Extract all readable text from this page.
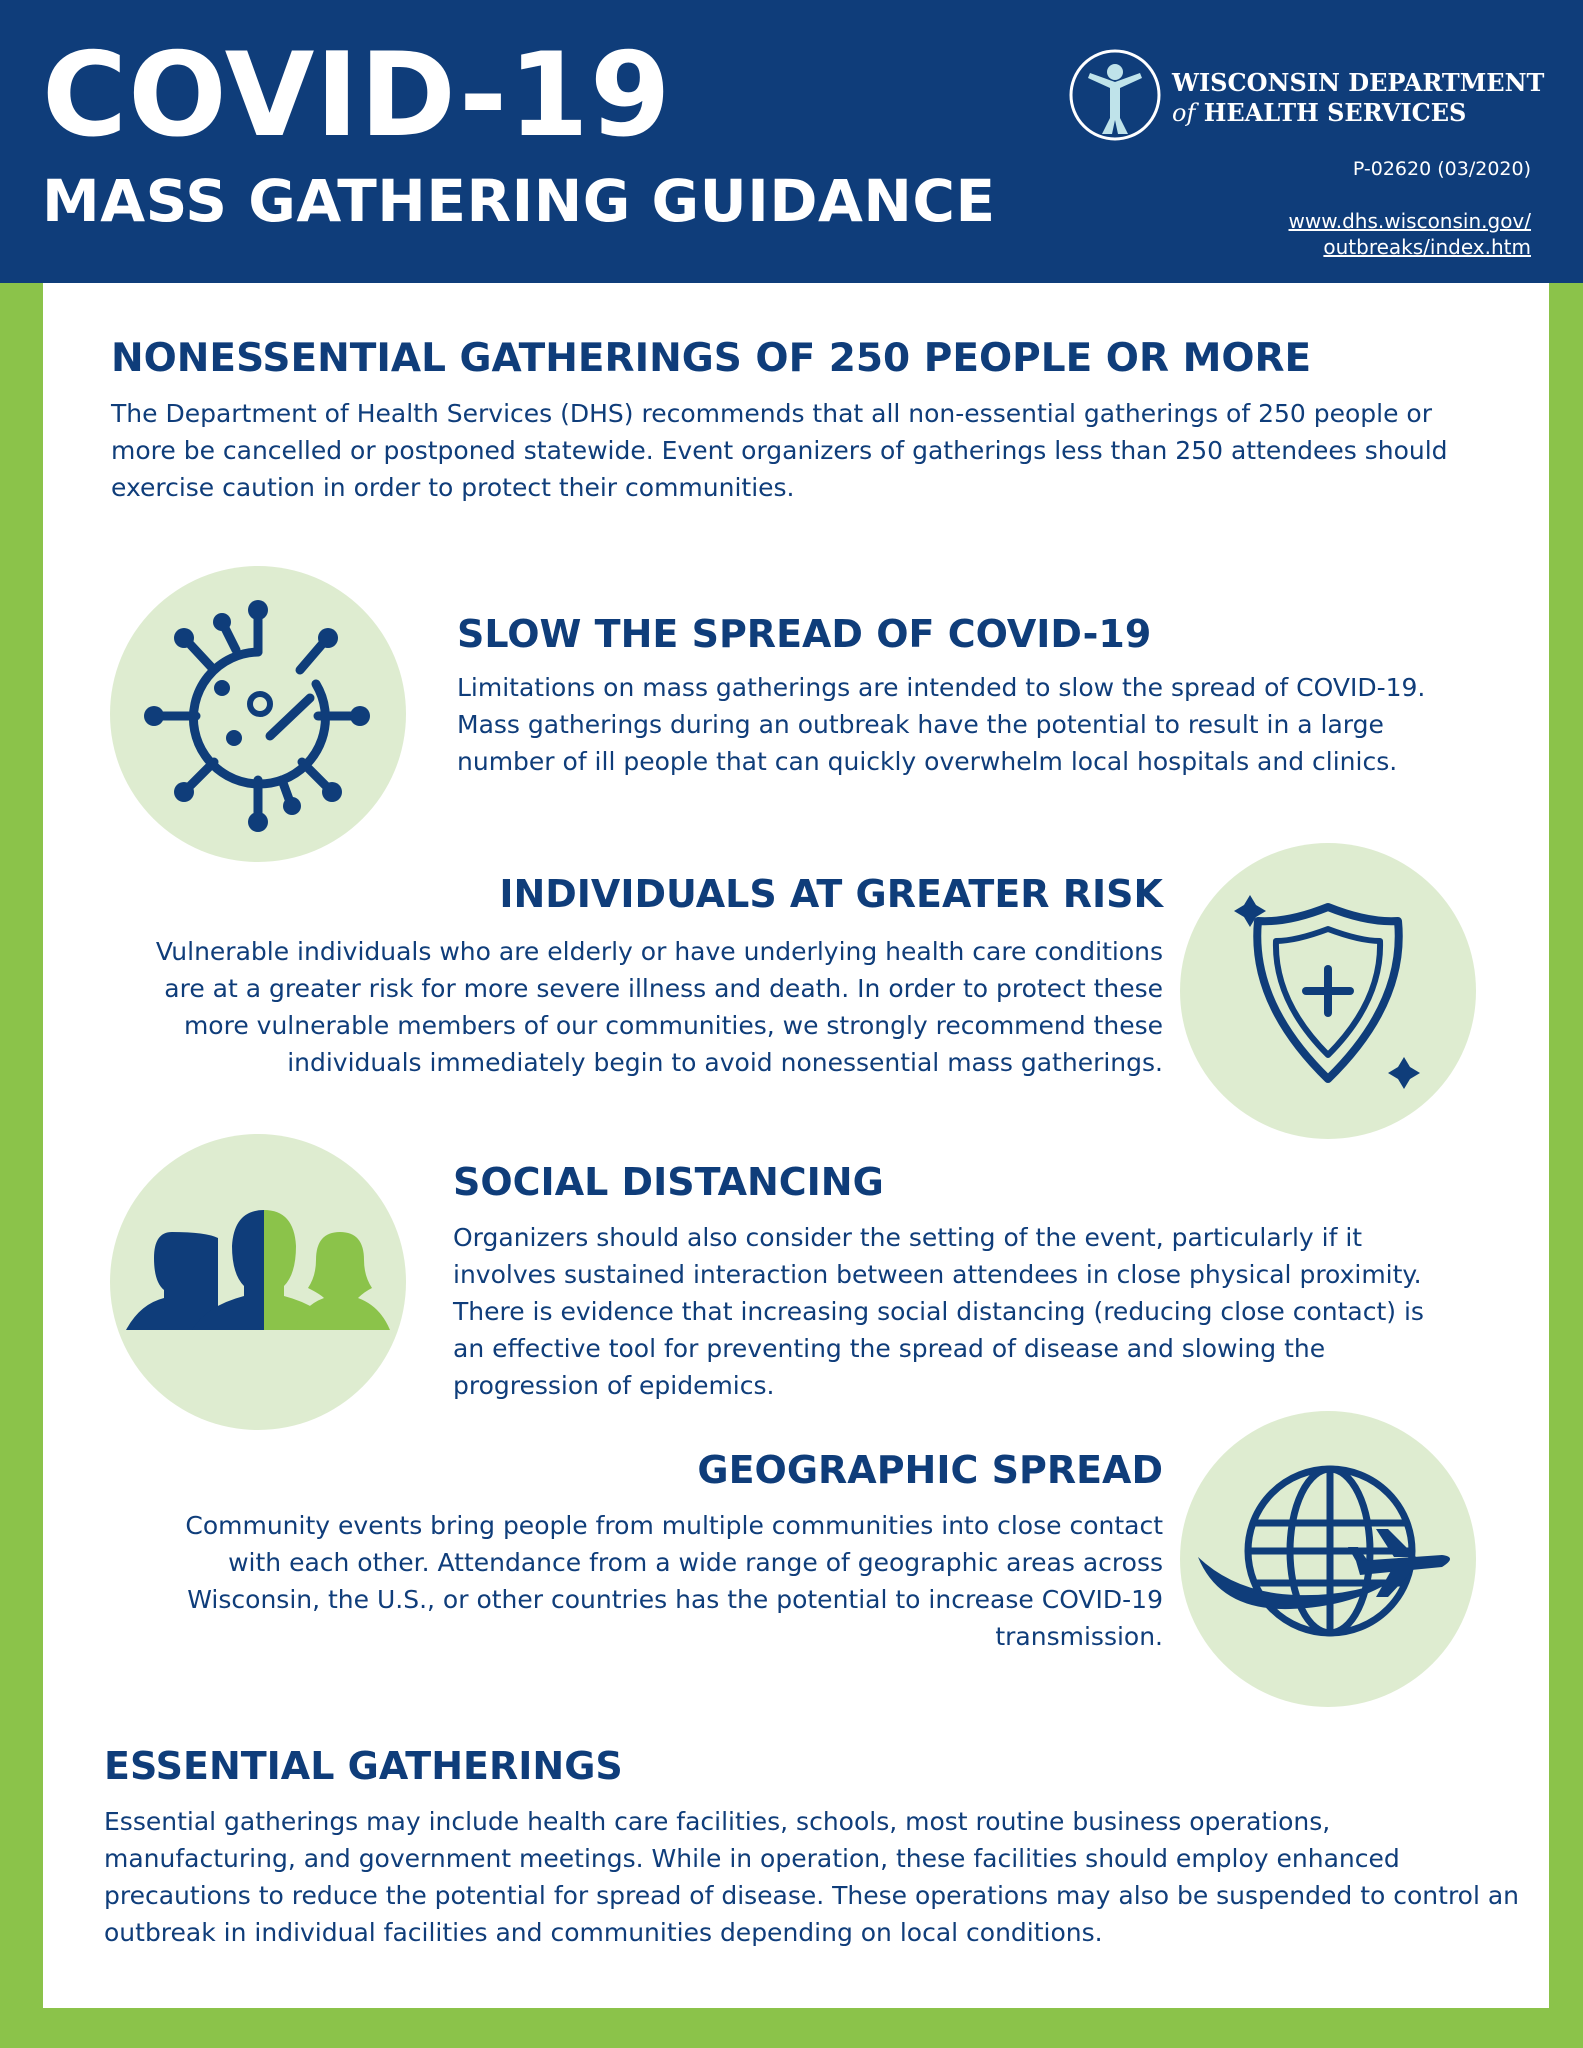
COVID-19
MASS GATHERING GUIDANCE
WISCONSIN DEPARTMENT
of HEALTH SERVICES
P-02620 (03/2020)
www.dhs.wisconsin.gov/
outbreaks/index.htm
NONESSENTIAL GATHERINGS OF 250 PEOPLE OR MORE

The Department of Health Services (DHS) recommends that all non-essential gatherings of 250 people or more be cancelled or postponed statewide. Event organizers of gatherings less than 250 attendees should exercise caution in order to protect their communities.

SLOW THE SPREAD OF COVID-19

Limitations on mass gatherings are intended to slow the spread of COVID-19. Mass gatherings during an outbreak have the potential to result in a large number of ill people that can quickly overwhelm local hospitals and clinics.

INDIVIDUALS AT GREATER RISK

Vulnerable individuals who are elderly or have underlying health care conditions are at a greater risk for more severe illness and death. In order to protect these more vulnerable members of our communities, we strongly recommend these individuals immediately begin to avoid nonessential mass gatherings.

SOCIAL DISTANCING

Organizers should also consider the setting of the event, particularly if it involves sustained interaction between attendees in close physical proximity. There is evidence that increasing social distancing (reducing close contact) is an effective tool for preventing the spread of disease and slowing the progression of epidemics.

GEOGRAPHIC SPREAD

Community events bring people from multiple communities into close contact with each other. Attendance from a wide range of geographic areas across Wisconsin, the U.S., or other countries has the potential to increase COVID-19 transmission.

ESSENTIAL GATHERINGS

Essential gatherings may include health care facilities, schools, most routine business operations, manufacturing, and government meetings. While in operation, these facilities should employ enhanced precautions to reduce the potential for spread of disease. These operations may also be suspended to control an outbreak in individual facilities and communities depending on local conditions.
